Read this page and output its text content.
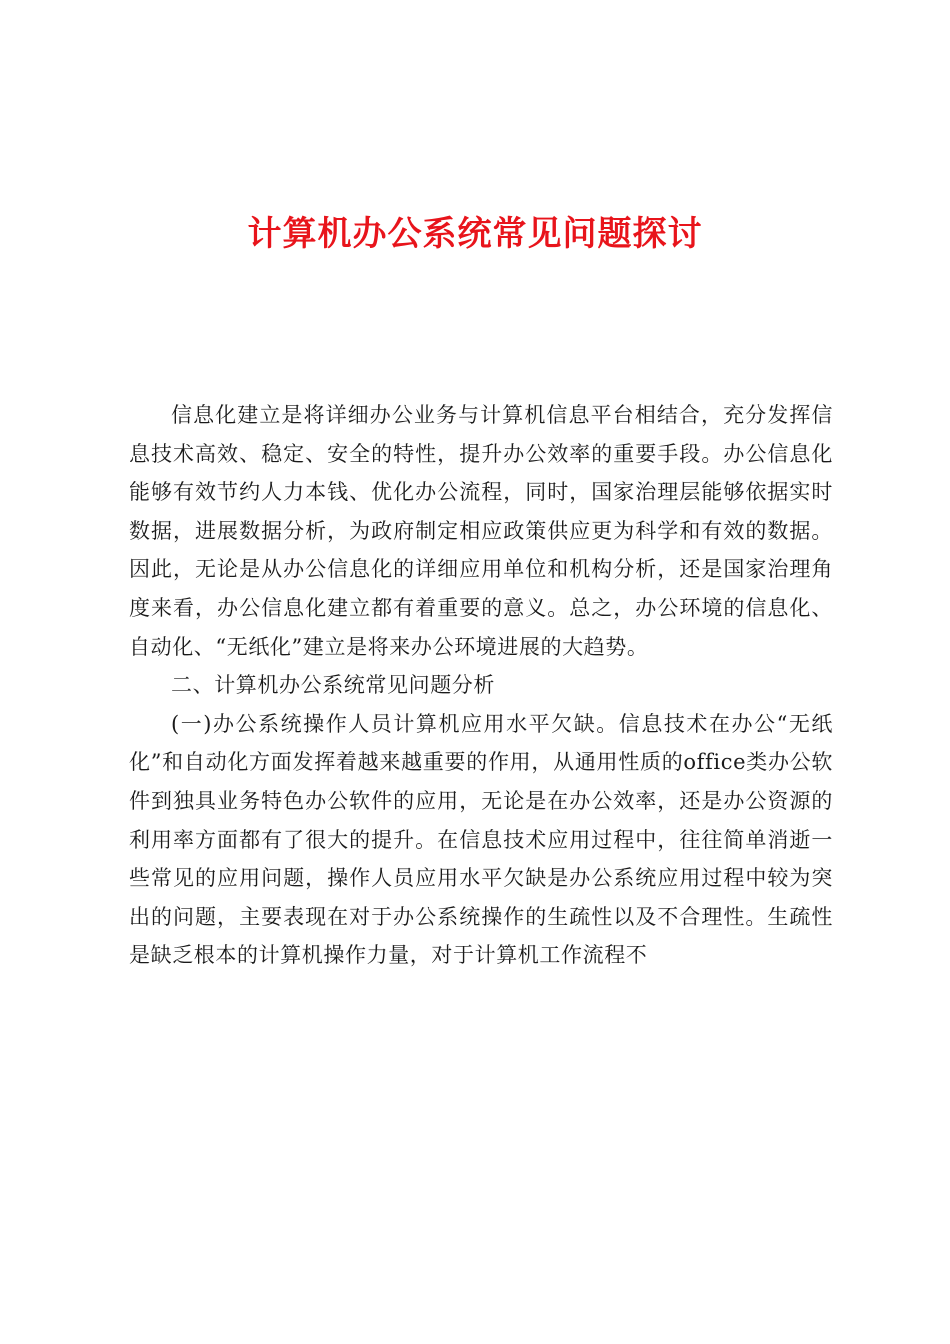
计算机办公系统常见问题探讨

信息化建立是将详细办公业务与计算机信息平台相结合，充分发挥信息技术高效、稳定、安全的特性，提升办公效率的重要手段。办公信息化能够有效节约人力本钱、优化办公流程，同时，国家治理层能够依据实时数据，进展数据分析，为政府制定相应政策供应更为科学和有效的数据。因此，无论是从办公信息化的详细应用单位和机构分析，还是国家治理角度来看，办公信息化建立都有着重要的意义。总之，办公环境的信息化、自动化、“无纸化”建立是将来办公环境进展的大趋势。

二、计算机办公系统常见问题分析

(一)办公系统操作人员计算机应用水平欠缺。信息技术在办公“无纸化”和自动化方面发挥着越来越重要的作用，从通用性质的office类办公软件到独具业务特色办公软件的应用，无论是在办公效率，还是办公资源的利用率方面都有了很大的提升。在信息技术应用过程中，往往简单消逝一些常见的应用问题，操作人员应用水平欠缺是办公系统应用过程中较为突出的问题，主要表现在对于办公系统操作的生疏性以及不合理性。生疏性是缺乏根本的计算机操作力量，对于计算机工作流程不
